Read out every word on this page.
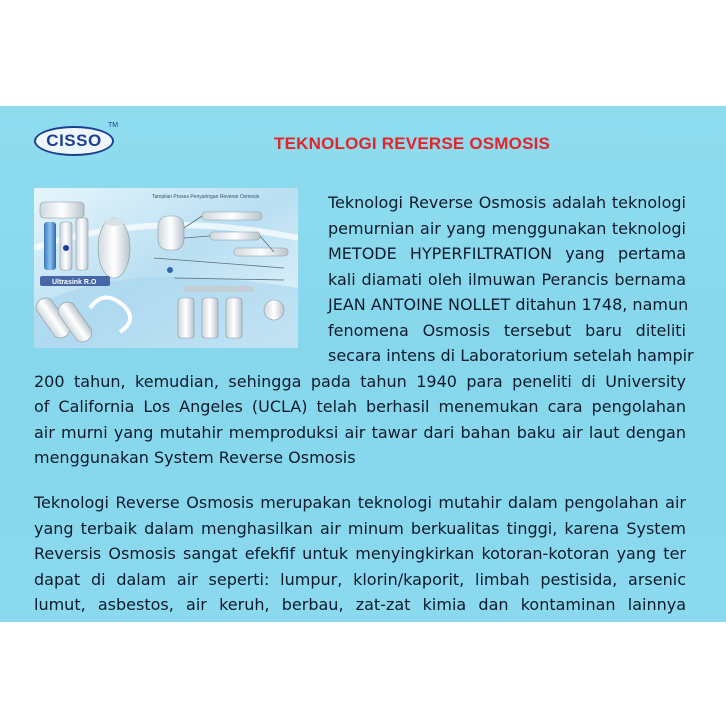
CISSO
TM
TEKNOLOGI REVERSE OSMOSIS
Ultrasink R.O
Tampilan Proses Penyaringan Reverse Osmosis	Teknologi Reverse Osmosis adalah teknologi
pemurnian air yang menggunakan teknologi
METODE HYPERFILTRATION yang pertama
kali diamati oleh ilmuwan Perancis bernama
JEAN ANTOINE NOLLET ditahun 1748, namun
fenomena Osmosis tersebut baru diteliti
secara intens di Laboratorium setelah hampir
200 tahun, kemudian, sehingga pada tahun 1940 para peneliti di University
of California Los Angeles (UCLA) telah berhasil menemukan cara pengolahan
air murni yang mutahir memproduksi air tawar dari bahan baku air laut dengan
menggunakan System Reverse Osmosis
Teknologi Reverse Osmosis merupakan teknologi mutahir dalam pengolahan air
yang terbaik dalam menghasilkan air minum berkualitas tinggi, karena System
Reversis Osmosis sangat efekfif untuk menyingkirkan kotoran-kotoran yang ter
dapat di dalam air seperti: lumpur, klorin/kaporit, limbah pestisida, arsenic
lumut, asbestos, air keruh, berbau, zat-zat kimia dan kontaminan lainnya
